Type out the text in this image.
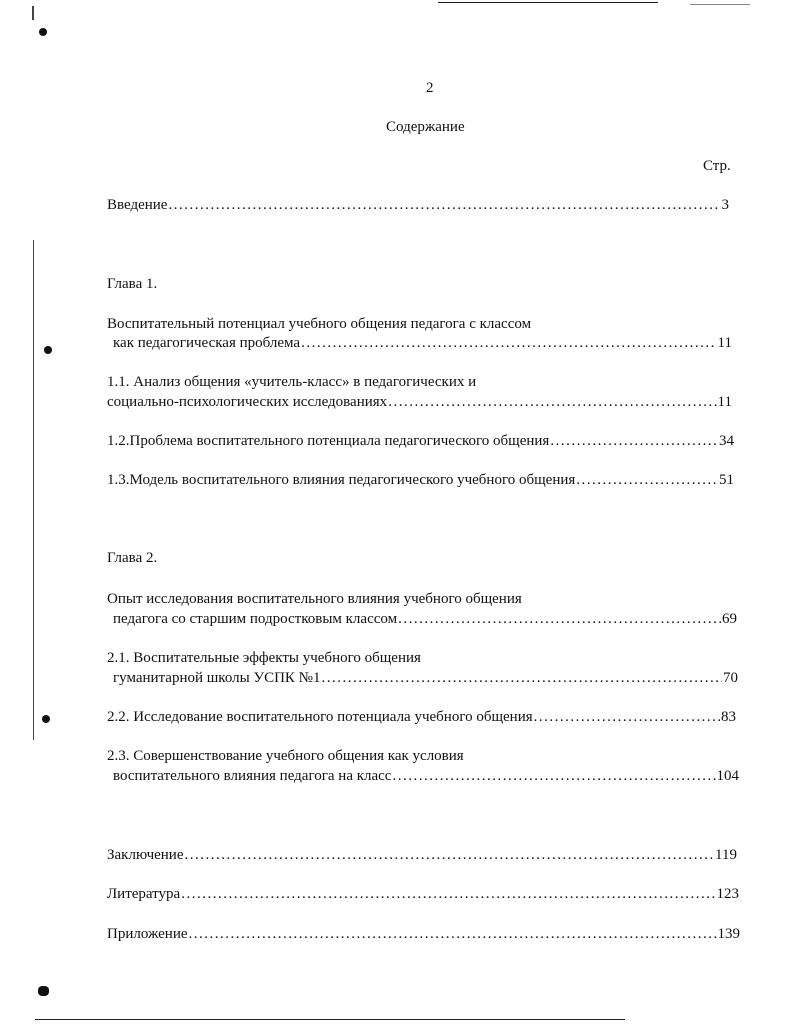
2
Содержание
Стр.
Введение .....	3
Глава 1.
Воспитательный потенциал учебного общения педагога с классом
как педагогическая проблема .....	11
1.1. Анализ общения «учитель-класс» в педагогических и
социально-психологических исследованиях .....	11
1.2.Проблема воспитательного потенциала педагогического общения .....	34
1.3.Модель воспитательного влияния педагогического учебного общения .....	51
Глава 2.
Опыт исследования воспитательного влияния учебного общения
педагога со старшим подростковым классом .....	69
2.1. Воспитательные эффекты учебного общения
гуманитарной школы УСПК №1 .....	70
2.2. Исследование воспитательного потенциала учебного общения .....	83
2.3. Совершенствование учебного общения как условия
воспитательного влияния педагога на класс .....	104
Заключение .....	119
Литература .....	123
Приложение .....	139
